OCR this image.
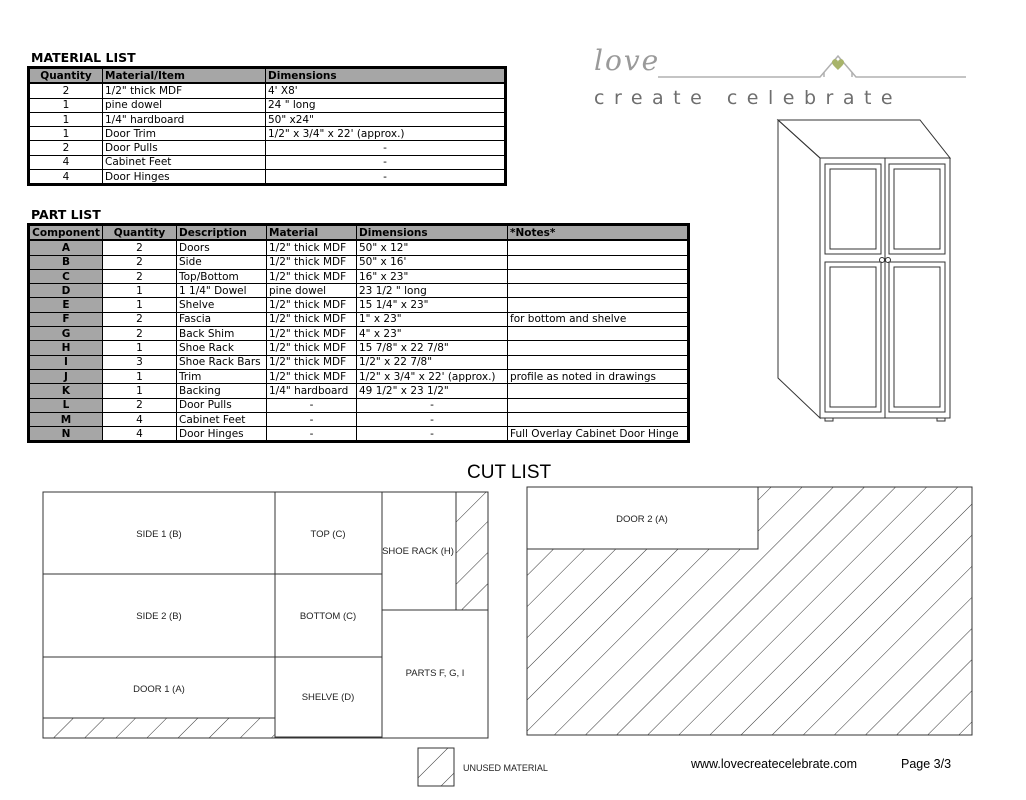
MATERIAL LIST
Quantity	Material/Item	Dimensions
2	1/2" thick MDF	4' X8'
1	pine dowel	24 " long
1	1/4" hardboard	50" x24"
1	Door Trim	1/2" x 3/4" x 22' (approx.)
2	Door Pulls	-
4	Cabinet Feet	-
4	Door Hinges	-
PART LIST
Component	Quantity	Description	Material	Dimensions	*Notes*
A	2	Doors	1/2" thick MDF	50" x 12"	
B	2	Side	1/2" thick MDF	50" x 16'	
C	2	Top/Bottom	1/2" thick MDF	16" x 23"	
D	1	1 1/4" Dowel	pine dowel	23 1/2 " long	
E	1	Shelve	1/2" thick MDF	15 1/4" x 23"	
F	2	Fascia	1/2" thick MDF	1" x 23"	for bottom and shelve
G	2	Back Shim	1/2" thick MDF	4" x 23"	
H	1	Shoe Rack	1/2" thick MDF	15 7/8" x 22 7/8"	
I	3	Shoe Rack Bars	1/2" thick MDF	1/2" x 22 7/8"	
J	1	Trim	1/2" thick MDF	1/2" x 3/4" x 22' (approx.)	profile as noted in drawings
K	1	Backing	1/4" hardboard	49 1/2" x 23 1/2"	
L	2	Door Pulls	-	-	
M	4	Cabinet Feet	-	-	
N	4	Door Hinges	-	-	Full Overlay Cabinet Door Hinge
love
create celebrate
CUT LIST
SIDE 1 (B)
SIDE 2 (B)
DOOR 1 (A)
TOP (C)
BOTTOM (C)
SHELVE (D)
SHOE RACK (H)
PARTS F, G, I
DOOR 2 (A)
UNUSED MATERIAL	www.lovecreatecelebrate.com	Page 3/3
